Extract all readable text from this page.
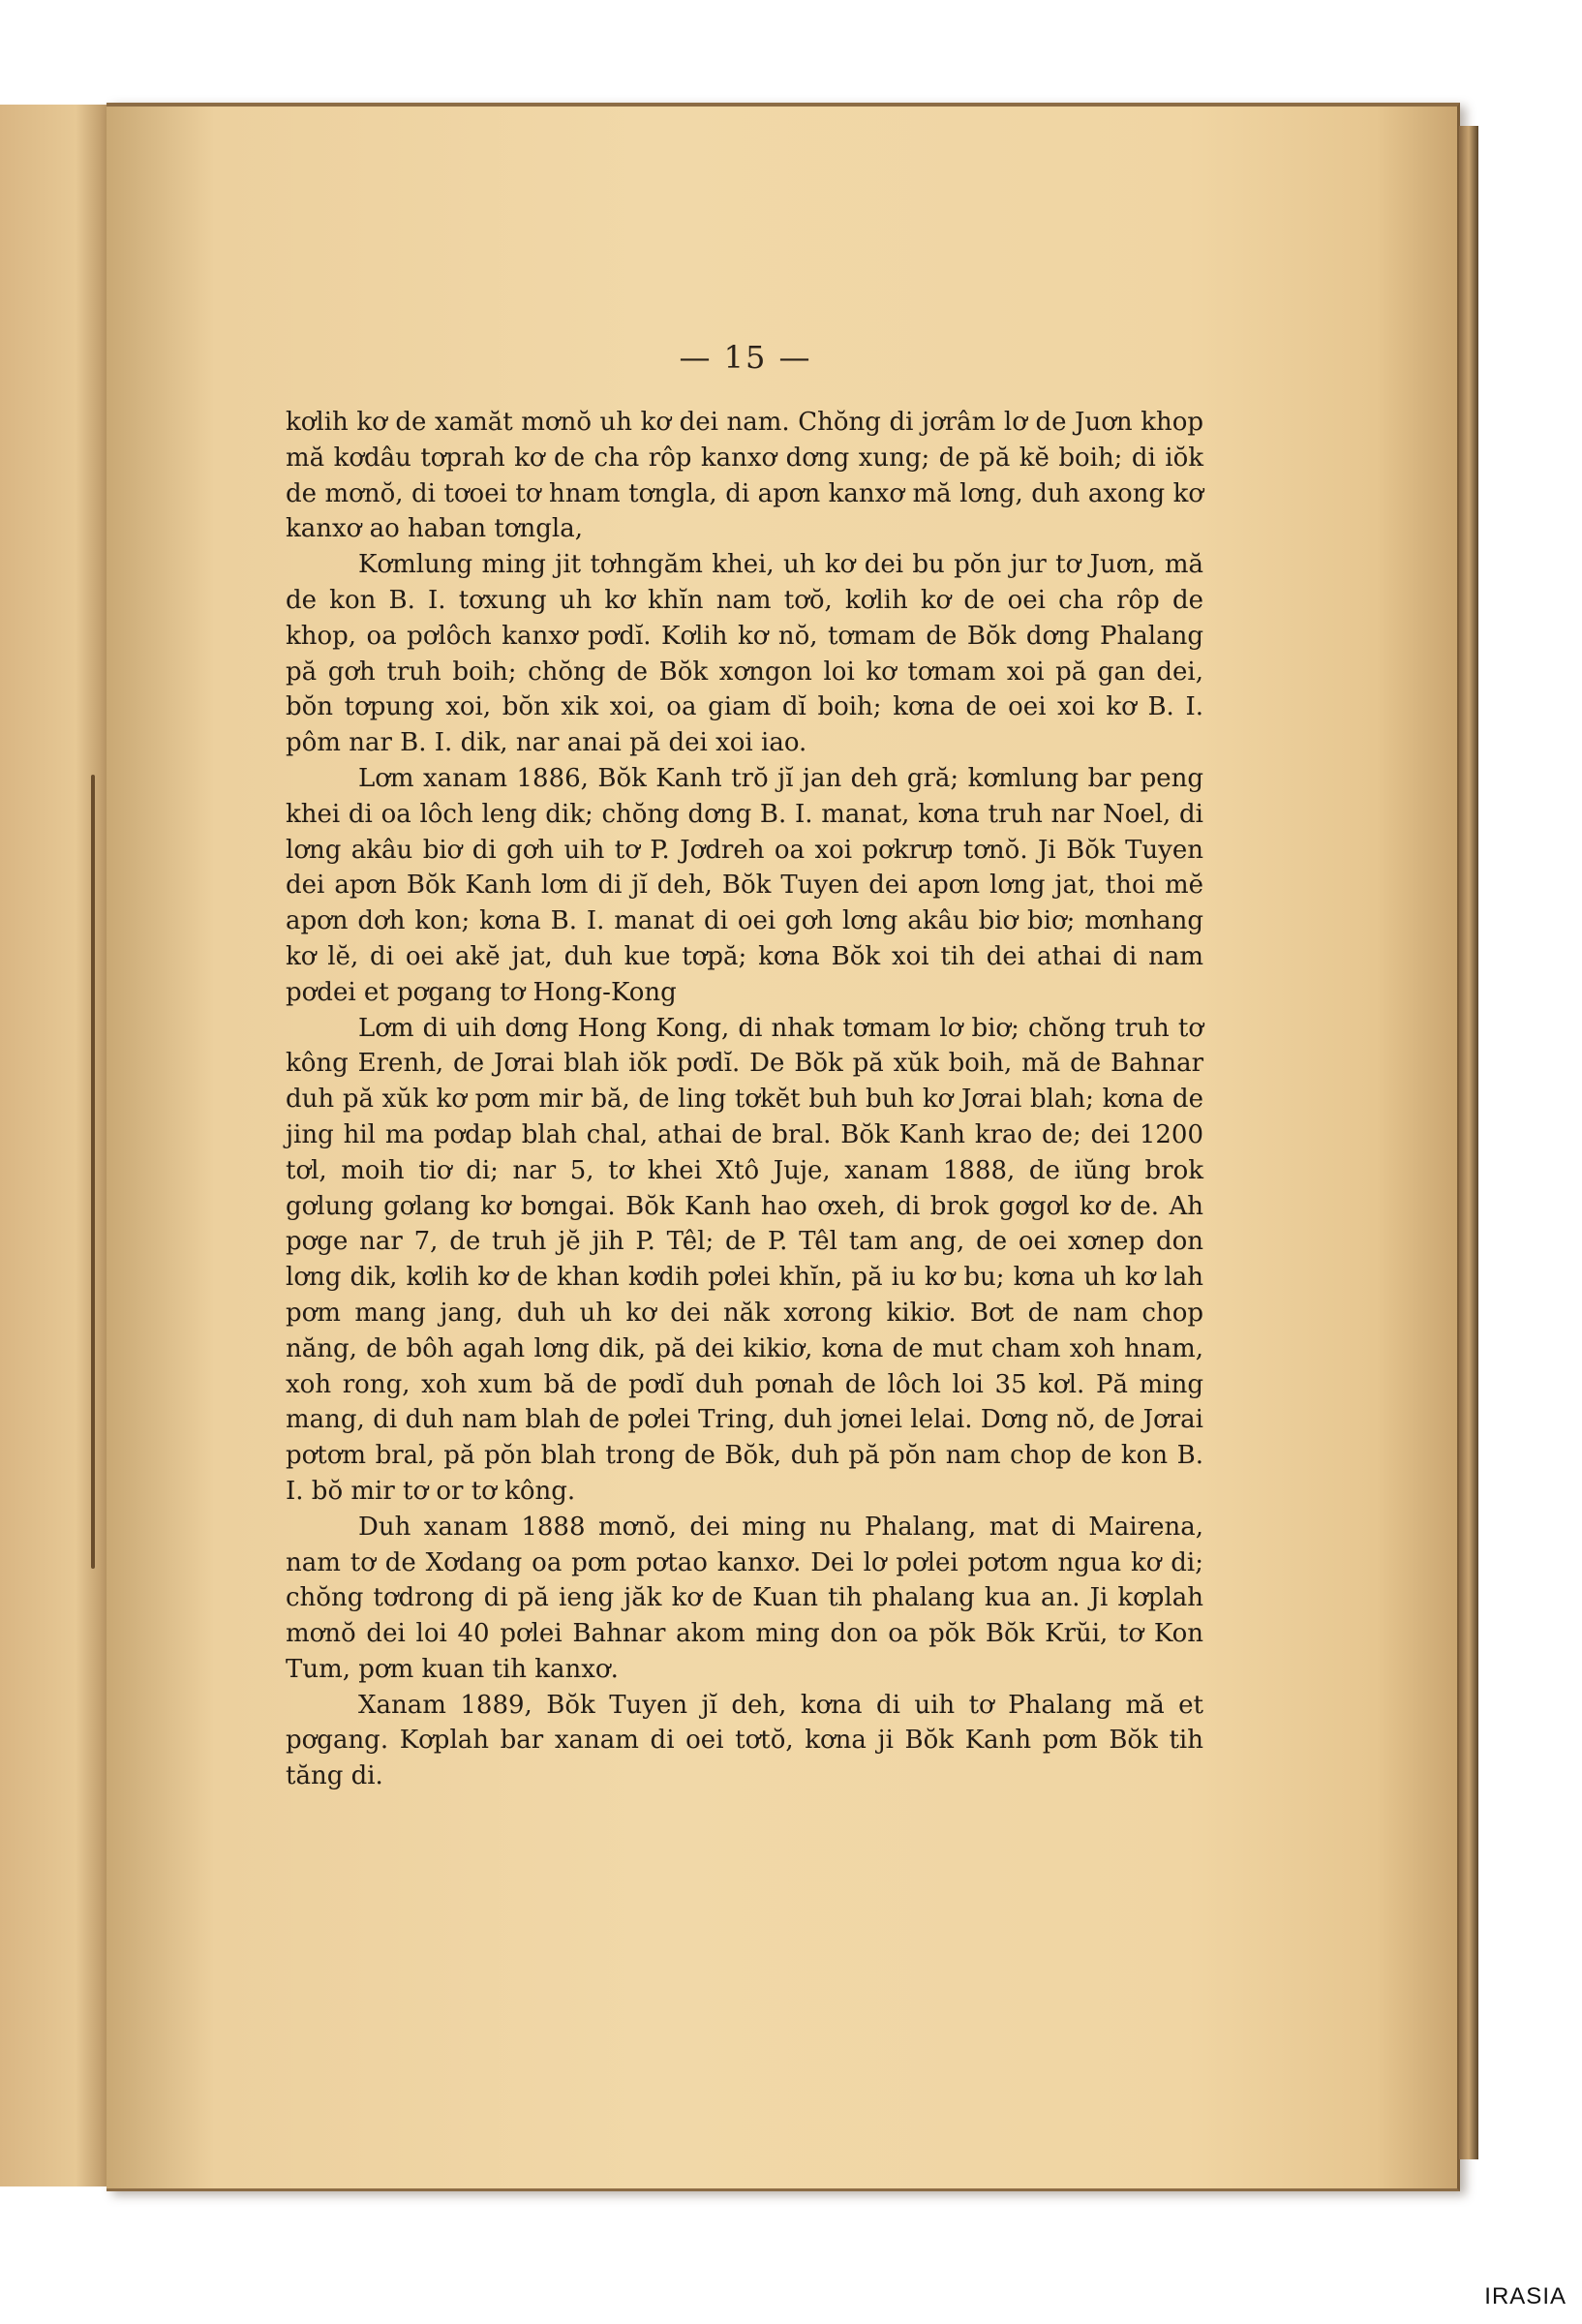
— 15 —

kơlih kơ de xamăt mơnŏ uh kơ dei nam. Chŏng di jơrâm lơ de Juơn khop mă kơdâu tơprah kơ de cha rôp kanxơ dơng xung; de pă kĕ boih; di iŏk de mơnŏ, di tơoei tơ hnam tơngla, di apơn kanxơ mă lơng, duh axong kơ kanxơ ao haban tơngla,

Kơmlung ming jit tơhngăm khei, uh kơ dei bu pŏn jur tơ Juơn, mă de kon B. I. tơxung uh kơ khĭn nam tơŏ, kơlih kơ de oei cha rôp de khop, oa pơlôch kanxơ pơdĭ. Kơlih kơ nŏ, tơmam de Bŏk dơng Phalang pă gơh truh boih; chŏng de Bŏk xơngon loi kơ tơmam xoi pă gan dei, bŏn tơpung xoi, bŏn xik xoi, oa giam dĭ boih; kơna de oei xoi kơ B. I. pôm nar B. I. dik, nar anai pă dei xoi iao.

Lơm xanam 1886, Bŏk Kanh trŏ jĭ jan deh gră; kơmlung bar peng khei di oa lôch leng dik; chŏng dơng B. I. manat, kơna truh nar Noel, di lơng akâu biơ di gơh uih tơ P. Jơdreh oa xoi pơkrưp tơnŏ. Ji Bŏk Tuyen dei apơn Bŏk Kanh lơm di jĭ deh, Bŏk Tuyen dei apơn lơng jat, thoi mĕ apơn dơh kon; kơna B. I. manat di oei gơh lơng akâu biơ biơ; mơnhang kơ lĕ, di oei akĕ jat, duh kue tơpă; kơna Bŏk xoi tih dei athai di nam pơdei et pơgang tơ Hong-Kong

Lơm di uih dơng Hong Kong, di nhak tơmam lơ biơ; chŏng truh tơ kông Erenh, de Jơrai blah iŏk pơdĭ. De Bŏk pă xŭk boih, mă de Bahnar duh pă xŭk kơ pơm mir bă, de ling tơkĕt buh buh kơ Jơrai blah; kơna de jing hil ma pơdap blah chal, athai de bral. Bŏk Kanh krao de; dei 1200 tơl, moih tiơ di; nar 5, tơ khei Xtô Juje, xanam 1888, de iŭng brok gơlung gơlang kơ bơngai. Bŏk Kanh hao ơxeh, di brok gơgơl kơ de. Ah pơge nar 7, de truh jĕ jih P. Têl; de P. Têl tam ang, de oei xơnep don lơng dik, kơlih kơ de khan kơdih pơlei khĭn, pă iu kơ bu; kơna uh kơ lah pơm mang jang, duh uh kơ dei năk xơrong kikiơ. Bơt de nam chop năng, de bôh agah lơng dik, pă dei kikiơ, kơna de mut cham xoh hnam, xoh rong, xoh xum bă de pơdĭ duh pơnah de lôch loi 35 kơl. Pă ming mang, di duh nam blah de pơlei Tring, duh jơnei lelai. Dơng nŏ, de Jơrai pơtơm bral, pă pŏn blah trong de Bŏk, duh pă pŏn nam chop de kon B. I. bŏ mir tơ or tơ kông.

Duh xanam 1888 mơnŏ, dei ming nu Phalang, mat di Mairena, nam tơ de Xơdang oa pơm pơtao kanxơ. Dei lơ pơlei pơtơm ngua kơ di; chŏng tơdrong di pă ieng jăk kơ de Kuan tih phalang kua an. Ji kơplah mơnŏ dei loi 40 pơlei Bahnar akom ming don oa pŏk Bŏk Krŭi, tơ Kon Tum, pơm kuan tih kanxơ.

Xanam 1889, Bŏk Tuyen jĭ deh, kơna di uih tơ Phalang mă et pơgang. Kơplah bar xanam di oei tơtŏ, kơna ji Bŏk Kanh pơm Bŏk tih tăng di.

IRASIA
